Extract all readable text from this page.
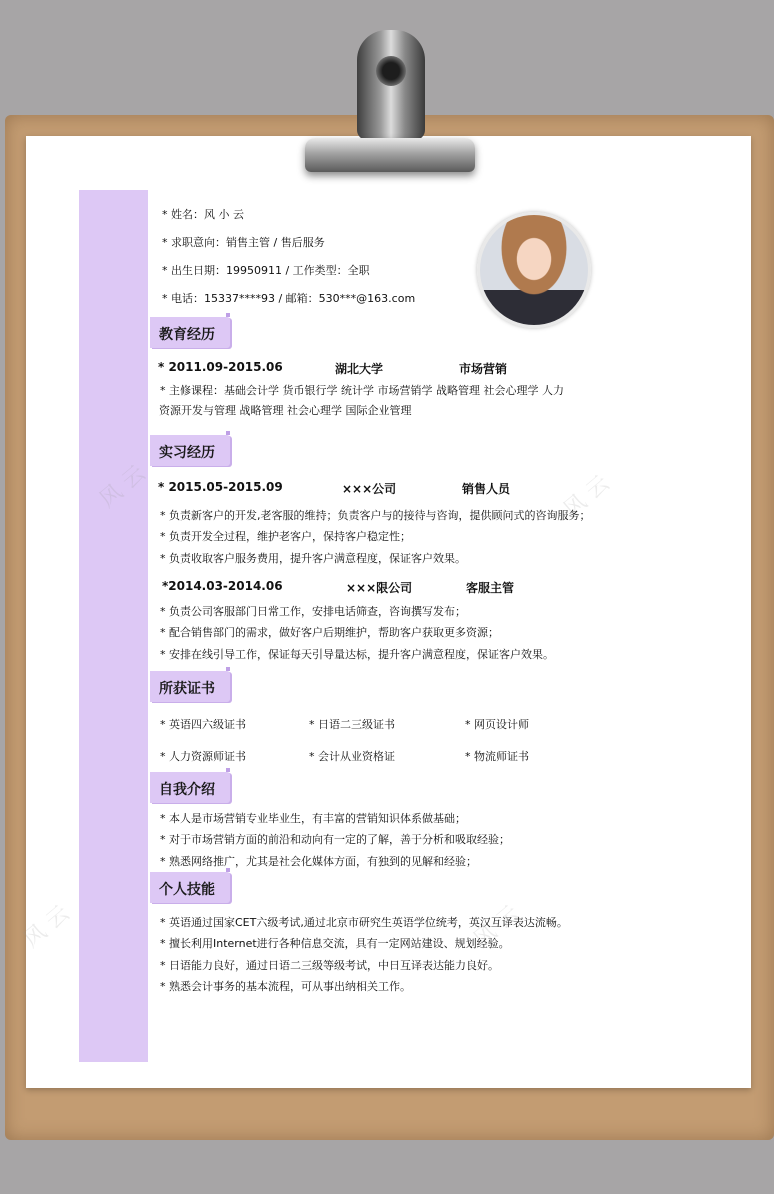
风 云	风 云
风 云	风 云
* 姓名：风 小 云
* 求职意向：销售主管 / 售后服务
* 出生日期：19950911 / 工作类型：全职
* 电话：15337****93 / 邮箱：530***@163.com
教育经历
* 2011.09-2015.06	湖北大学	市场营销
* 主修课程：基础会计学 货币银行学 统计学 市场营销学 战略管理 社会心理学 人力
资源开发与管理 战略管理 社会心理学 国际企业管理
实习经历
* 2015.05-2015.09	×××公司	销售人员
* 负责新客户的开发,老客服的维持；负责客户与的接待与咨询，提供顾问式的咨询服务；
* 负责开发全过程，维护老客户，保持客户稳定性；
* 负责收取客户服务费用，提升客户满意程度，保证客户效果。
*2014.03-2014.06	×××限公司	客服主管
* 负责公司客服部门日常工作，安排电话筛查，咨询撰写发布；
* 配合销售部门的需求，做好客户后期维护，帮助客户获取更多资源；
* 安排在线引导工作，保证每天引导量达标，提升客户满意程度，保证客户效果。
所获证书
* 英语四六级证书	* 日语二三级证书	* 网页设计师
* 人力资源师证书	* 会计从业资格证	* 物流师证书
自我介绍
* 本人是市场营销专业毕业生，有丰富的营销知识体系做基础；
* 对于市场营销方面的前沿和动向有一定的了解，善于分析和吸取经验；
* 熟悉网络推广，尤其是社会化媒体方面，有独到的见解和经验；
个人技能
* 英语通过国家CET六级考试,通过北京市研究生英语学位统考，英汉互译表达流畅。
* 擅长利用Internet进行各种信息交流，具有一定网站建设、规划经验。
* 日语能力良好，通过日语二三级等级考试，中日互译表达能力良好。
* 熟悉会计事务的基本流程，可从事出纳相关工作。
